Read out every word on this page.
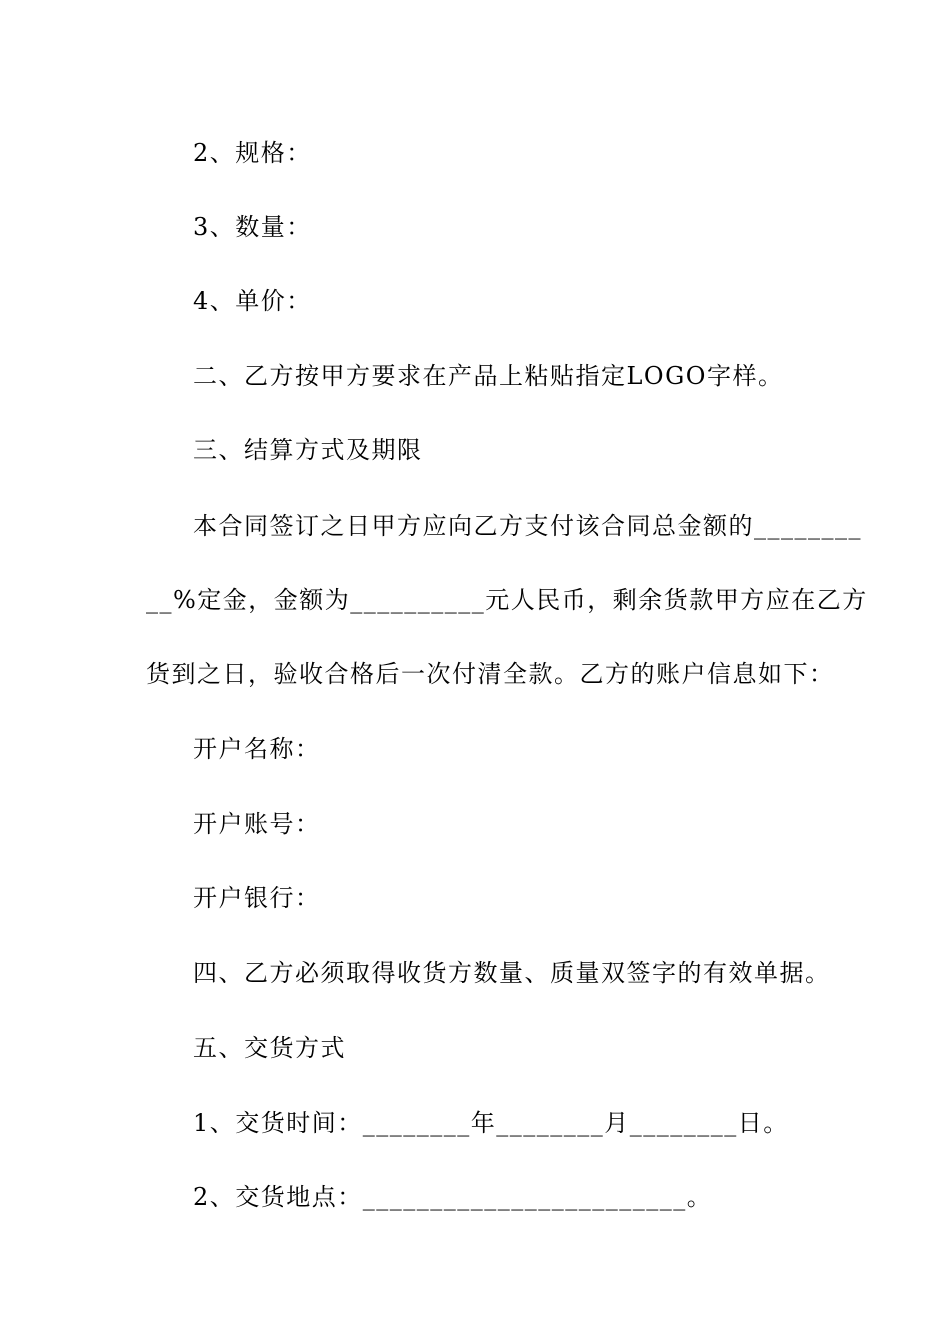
2、规格：
3、数量：
4、单价：
二、乙方按甲方要求在产品上粘贴指定LOGO字样。
三、结算方式及期限
本合同签订之日甲方应向乙方支付该合同总金额的________
__%定金，金额为__________元人民币，剩余货款甲方应在乙方
货到之日，验收合格后一次付清全款。乙方的账户信息如下：
开户名称：
开户账号：
开户银行：
四、乙方必须取得收货方数量、质量双签字的有效单据。
五、交货方式
1、交货时间：________年________月________日。
2、交货地点：________________________。
